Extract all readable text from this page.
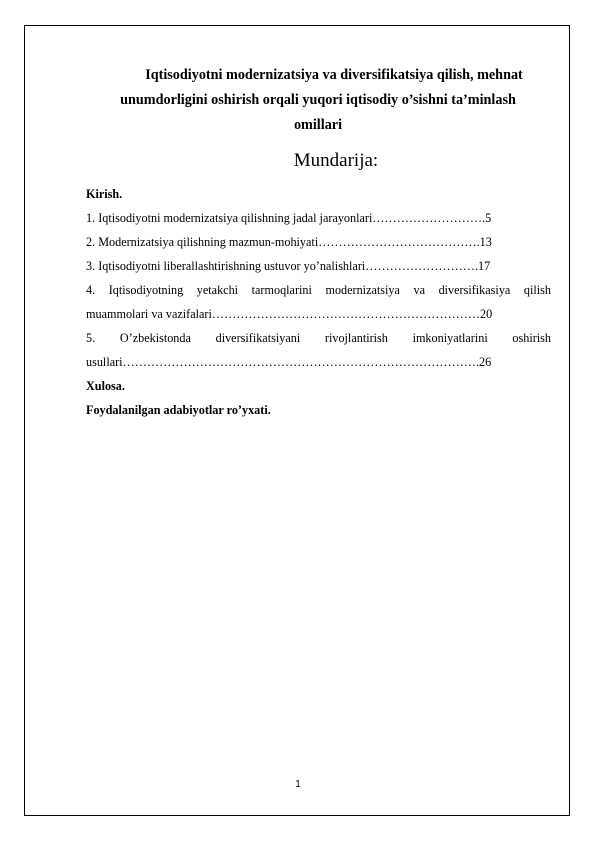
Iqtisodiyotni modernizatsiya va diversifikatsiya qilish, mehnat
unumdorligini oshirish orqali yuqori iqtisodiy o’sishni ta’minlash
omillari
Mundarija:
Kirish.
1. Iqtisodiyotni modernizatsiya qilishning jadal jarayonlari……………………….5
2. Modernizatsiya qilishning mazmun-mohiyati………………………………….13
3. Iqtisodiyotni liberallashtirishning ustuvor yo’nalishlari……………………….17
4. Iqtisodiyotning yetakchi tarmoqlarini modernizatsiya va diversifikasiya qilish
muammolari va vazifalari…………………………………………………………20
5. O’zbekistonda diversifikatsiyani rivojlantirish imkoniyatlarini oshirish
usullari…………………………………………………………………………….26
Xulosa.
Foydalanilgan adabiyotlar ro’yxati.
1
